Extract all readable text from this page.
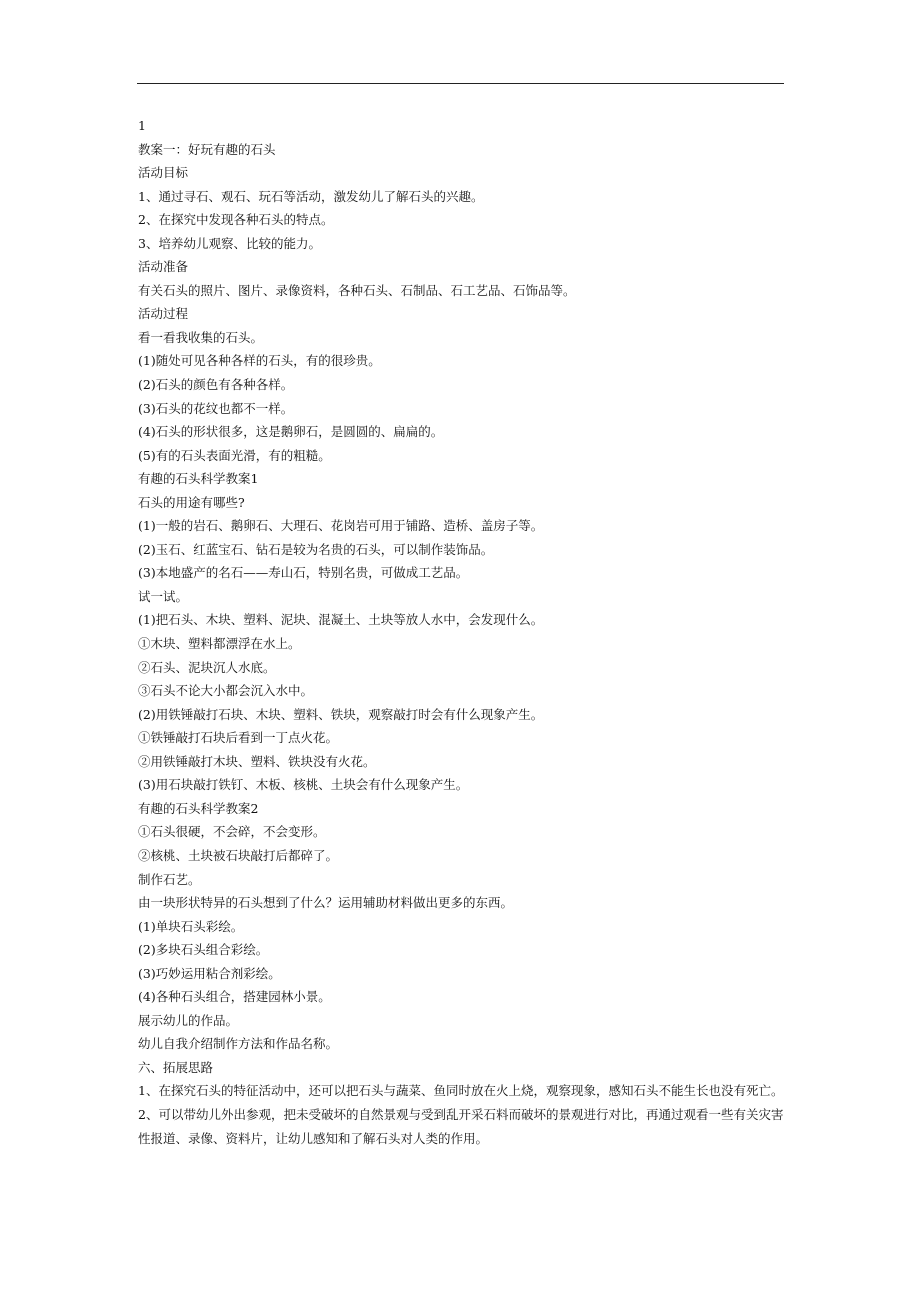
1
教案一：好玩有趣的石头
活动目标
1、通过寻石、观石、玩石等活动，激发幼儿了解石头的兴趣。
2、在探究中发现各种石头的特点。
3、培养幼儿观察、比较的能力。
活动准备
有关石头的照片、图片、录像资料，各种石头、石制品、石工艺品、石饰品等。
活动过程
看一看我收集的石头。
(1)随处可见各种各样的石头，有的很珍贵。
(2)石头的颜色有各种各样。
(3)石头的花纹也都不一样。
(4)石头的形状很多，这是鹅卵石，是圆圆的、扁扁的。
(5)有的石头表面光滑，有的粗糙。
有趣的石头科学教案1
石头的用途有哪些?
(1)一般的岩石、鹅卵石、大理石、花岗岩可用于铺路、造桥、盖房子等。
(2)玉石、红蓝宝石、钻石是较为名贵的石头，可以制作装饰品。
(3)本地盛产的名石——寿山石，特别名贵，可做成工艺品。
试一试。
(1)把石头、木块、塑料、泥块、混凝土、土块等放人水中，会发现什么。
①木块、塑料都漂浮在水上。
②石头、泥块沉人水底。
③石头不论大小都会沉入水中。
(2)用铁锤敲打石块、木块、塑料、铁块，观察敲打时会有什么现象产生。
①铁锤敲打石块后看到一丁点火花。
②用铁锤敲打木块、塑料、铁块没有火花。
(3)用石块敲打铁钉、木板、核桃、土块会有什么现象产生。
有趣的石头科学教案2
①石头很硬，不会碎，不会变形。
②核桃、土块被石块敲打后都碎了。
制作石艺。
由一块形状特异的石头想到了什么？运用辅助材料做出更多的东西。
(1)单块石头彩绘。
(2)多块石头组合彩绘。
(3)巧妙运用粘合剂彩绘。
(4)各种石头组合，搭建园林小景。
展示幼儿的作品。
幼儿自我介绍制作方法和作品名称。
六、拓展思路
1、在探究石头的特征活动中，还可以把石头与蔬菜、鱼同时放在火上烧，观察现象，感知石头不能生长也没有死亡。
2、可以带幼儿外出参观，把未受破坏的自然景观与受到乱开采石料而破坏的景观进行对比，再通过观看一些有关灾害性报道、录像、资料片，让幼儿感知和了解石头对人类的作用。
